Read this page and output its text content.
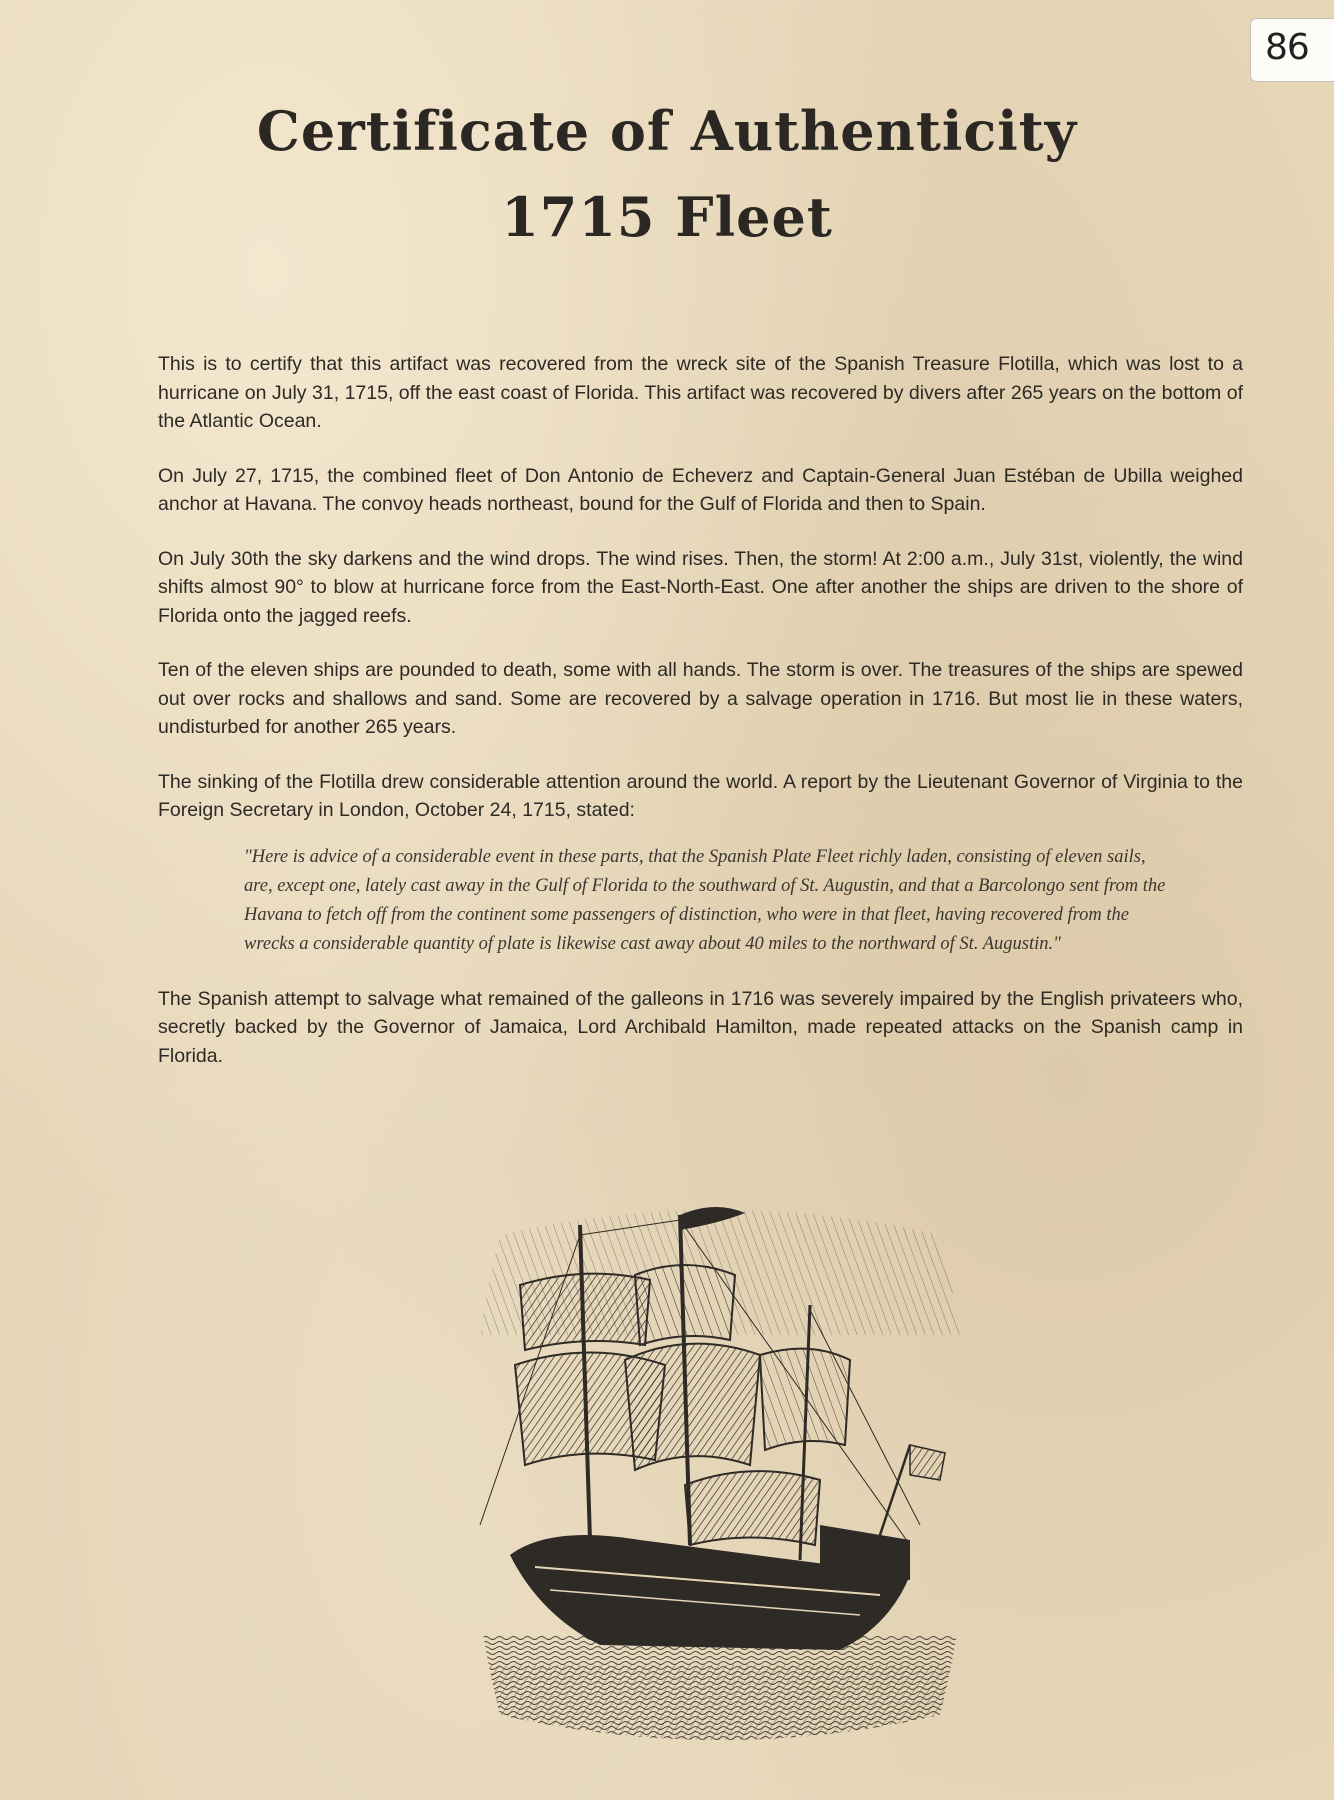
86
Certificate of Authenticity
1715 Fleet

This is to certify that this artifact was recovered from the wreck site of the Spanish Treasure Flotilla, which was lost to a hurricane on July 31, 1715, off the east coast of Florida. This artifact was recovered by divers after 265 years on the bottom of the Atlantic Ocean.

On July 27, 1715, the combined fleet of Don Antonio de Echeverz and Captain-General Juan Estéban de Ubilla weighed anchor at Havana. The convoy heads northeast, bound for the Gulf of Florida and then to Spain.

On July 30th the sky darkens and the wind drops. The wind rises. Then, the storm! At 2:00 a.m., July 31st, violently, the wind shifts almost 90° to blow at hurricane force from the East-North-East. One after another the ships are driven to the shore of Florida onto the jagged reefs.

Ten of the eleven ships are pounded to death, some with all hands. The storm is over. The treasures of the ships are spewed out over rocks and shallows and sand. Some are recovered by a salvage operation in 1716. But most lie in these waters, undisturbed for another 265 years.

The sinking of the Flotilla drew considerable attention around the world. A report by the Lieutenant Governor of Virginia to the Foreign Secretary in London, October 24, 1715, stated:

"Here is advice of a considerable event in these parts, that the Spanish Plate Fleet richly laden, consisting of eleven sails, are, except one, lately cast away in the Gulf of Florida to the southward of St. Augustin, and that a Barcolongo sent from the Havana to fetch off from the continent some passengers of distinction, who were in that fleet, having recovered from the wrecks a considerable quantity of plate is likewise cast away about 40 miles to the northward of St. Augustin."

The Spanish attempt to salvage what remained of the galleons in 1716 was severely impaired by the English privateers who, secretly backed by the Governor of Jamaica, Lord Archibald Hamilton, made repeated attacks on the Spanish camp in Florida.
